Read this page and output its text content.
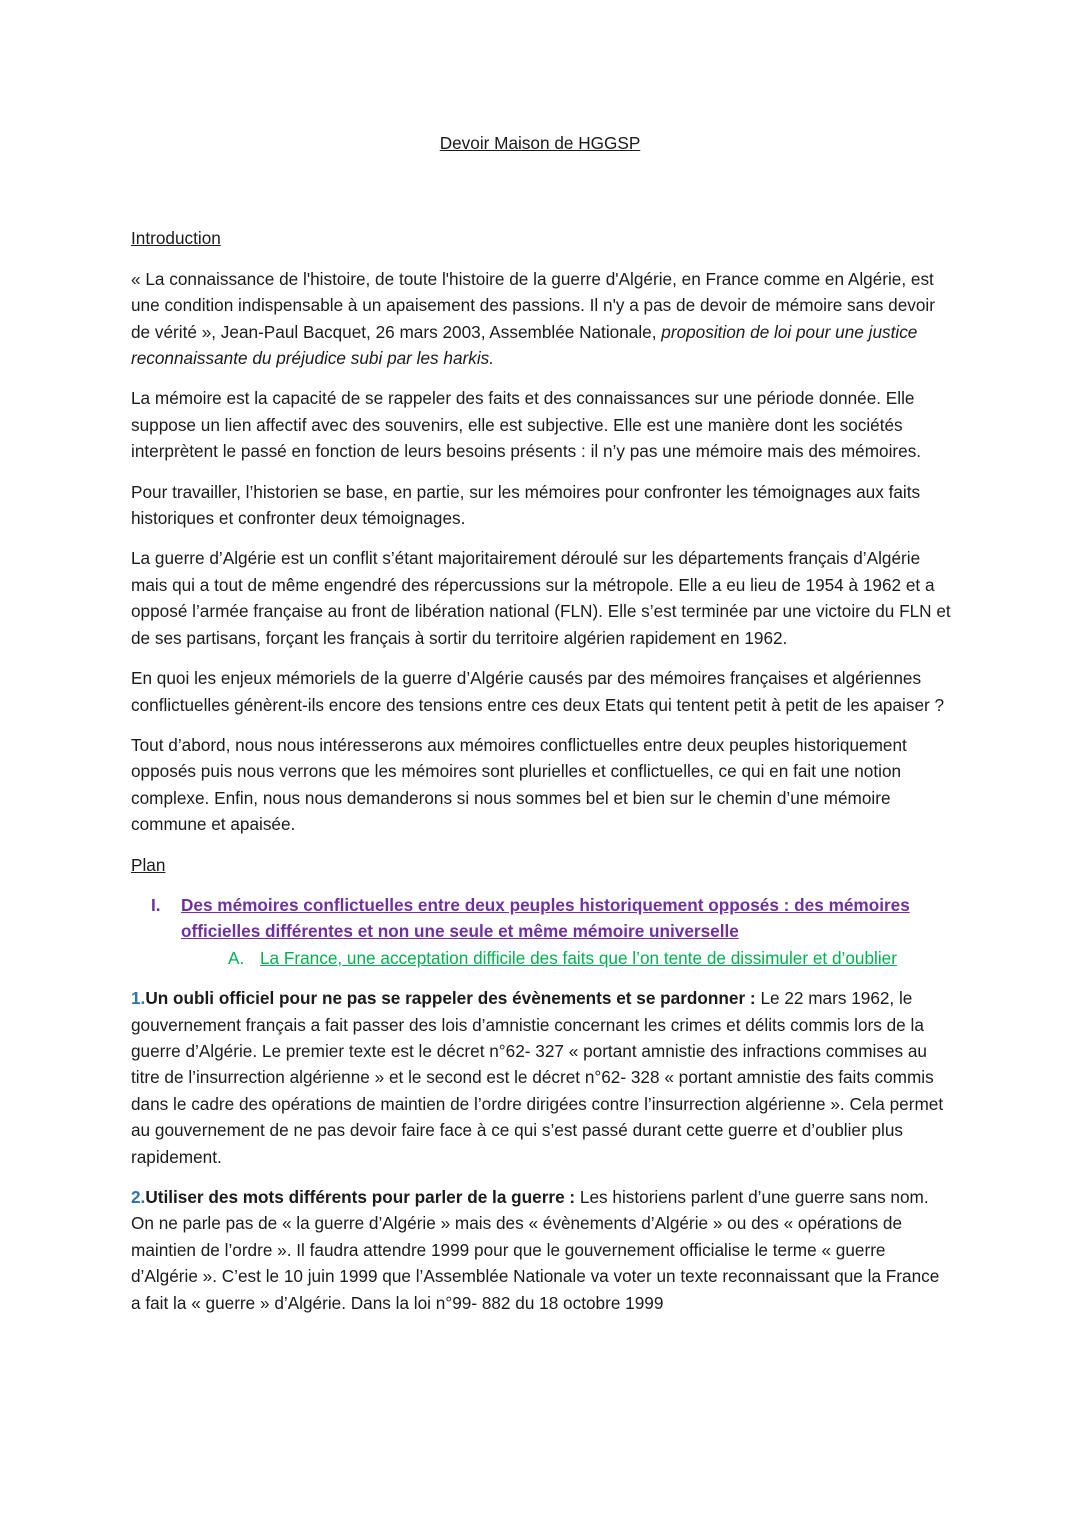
Devoir Maison de HGGSP
Introduction

« La connaissance de l'histoire, de toute l'histoire de la guerre d'Algérie, en France comme en Algérie, est une condition indispensable à un apaisement des passions. Il n'y a pas de devoir de mémoire sans devoir de vérité », Jean-Paul Bacquet, 26 mars 2003, Assemblée Nationale, proposition de loi pour une justice reconnaissante du préjudice subi par les harkis.

La mémoire est la capacité de se rappeler des faits et des connaissances sur une période donnée. Elle suppose un lien affectif avec des souvenirs, elle est subjective. Elle est une manière dont les sociétés interprètent le passé en fonction de leurs besoins présents : il n’y pas une mémoire mais des mémoires.

Pour travailler, l’historien se base, en partie, sur les mémoires pour confronter les témoignages aux faits historiques et confronter deux témoignages.

La guerre d’Algérie est un conflit s’étant majoritairement déroulé sur les départements français d’Algérie mais qui a tout de même engendré des répercussions sur la métropole. Elle a eu lieu de 1954 à 1962 et a opposé l’armée française au front de libération national (FLN). Elle s’est terminée par une victoire du FLN et de ses partisans, forçant les français à sortir du territoire algérien rapidement en 1962.

En quoi les enjeux mémoriels de la guerre d’Algérie causés par des mémoires françaises et algériennes conflictuelles génèrent-ils encore des tensions entre ces deux Etats qui tentent petit à petit de les apaiser ?

Tout d’abord, nous nous intéresserons aux mémoires conflictuelles entre deux peuples historiquement opposés puis nous verrons que les mémoires sont plurielles et conflictuelles, ce qui en fait une notion complexe. Enfin, nous nous demanderons si nous sommes bel et bien sur le chemin d’une mémoire commune et apaisée.

Plan
I.	Des mémoires conflictuelles entre deux peuples historiquement opposés : des mémoires officielles différentes et non une seule et même mémoire universelle
A. La France, une acceptation difficile des faits que l’on tente de dissimuler et d’oublier

1.Un oubli officiel pour ne pas se rappeler des évènements et se pardonner : Le 22 mars 1962, le gouvernement français a fait passer des lois d’amnistie concernant les crimes et délits commis lors de la guerre d’Algérie. Le premier texte est le décret n°62- 327 « portant amnistie des infractions commises au titre de l’insurrection algérienne » et le second est le décret n°62- 328 « portant amnistie des faits commis dans le cadre des opérations de maintien de l’ordre dirigées contre l’insurrection algérienne ». Cela permet au gouvernement de ne pas devoir faire face à ce qui s’est passé durant cette guerre et d’oublier plus rapidement.

2.Utiliser des mots différents pour parler de la guerre : Les historiens parlent d’une guerre sans nom. On ne parle pas de « la guerre d’Algérie » mais des « évènements d’Algérie » ou des « opérations de maintien de l’ordre ». Il faudra attendre 1999 pour que le gouvernement officialise le terme « guerre d’Algérie ». C’est le 10 juin 1999 que l’Assemblée Nationale va voter un texte reconnaissant que la France a fait la « guerre » d’Algérie. Dans la loi n°99- 882 du 18 octobre 1999
